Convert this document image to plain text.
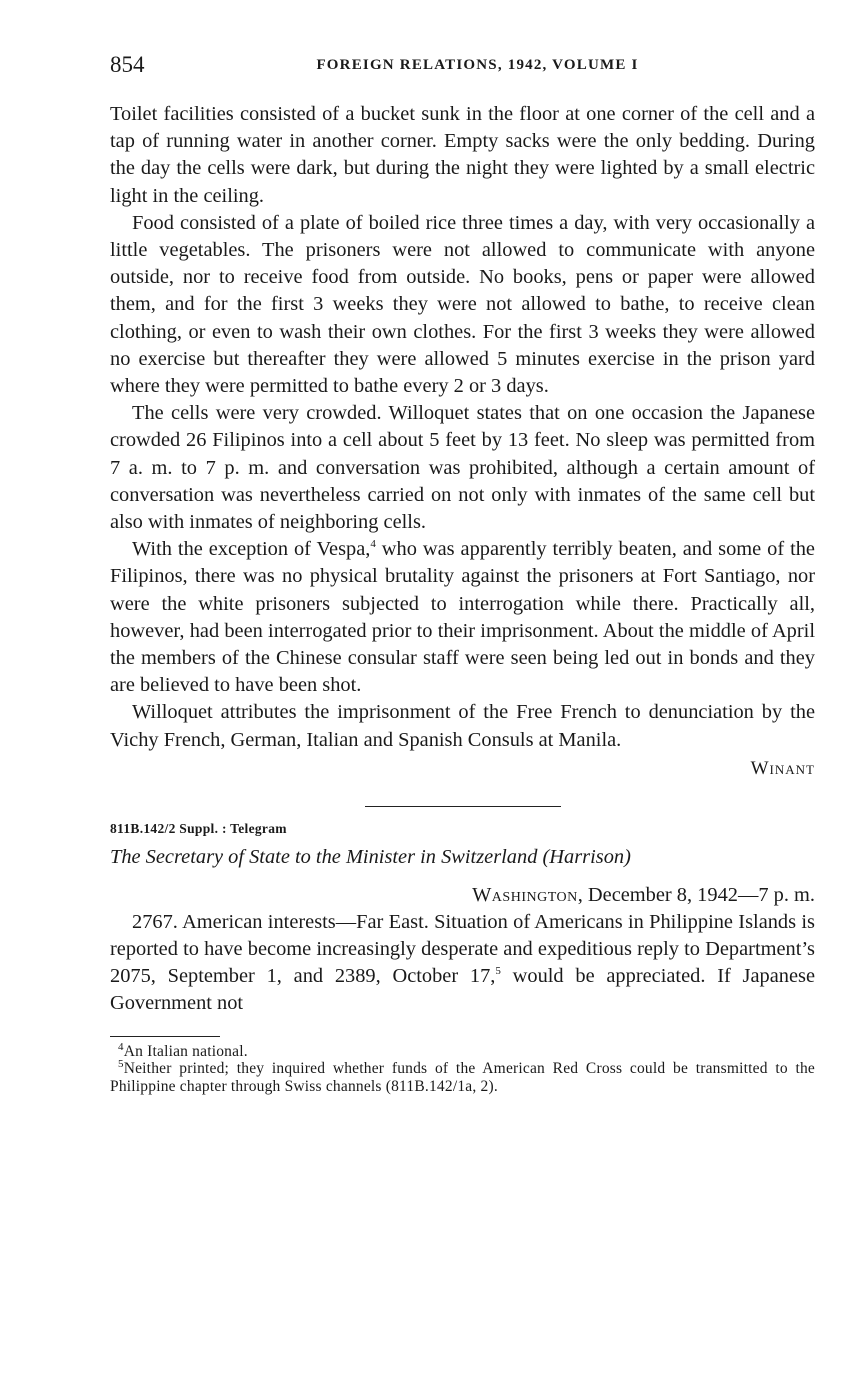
854	FOREIGN RELATIONS, 1942, VOLUME I

Toilet facilities consisted of a bucket sunk in the floor at one corner of the cell and a tap of running water in another corner. Empty sacks were the only bedding. During the day the cells were dark, but during the night they were lighted by a small electric light in the ceiling.

Food consisted of a plate of boiled rice three times a day, with very occasionally a little vegetables. The prisoners were not allowed to communicate with anyone outside, nor to receive food from outside. No books, pens or paper were allowed them, and for the first 3 weeks they were not allowed to bathe, to receive clean clothing, or even to wash their own clothes. For the first 3 weeks they were allowed no exercise but thereafter they were allowed 5 minutes exercise in the prison yard where they were permitted to bathe every 2 or 3 days.

The cells were very crowded. Willoquet states that on one occasion the Japanese crowded 26 Filipinos into a cell about 5 feet by 13 feet. No sleep was permitted from 7 a. m. to 7 p. m. and conversation was prohibited, although a certain amount of conversation was nevertheless carried on not only with inmates of the same cell but also with inmates of neighboring cells.

With the exception of Vespa,$^4$ who was apparently terribly beaten, and some of the Filipinos, there was no physical brutality against the prisoners at Fort Santiago, nor were the white prisoners subjected to interrogation while there. Practically all, however, had been interrogated prior to their imprisonment. About the middle of April the members of the Chinese consular staff were seen being led out in bonds and they are believed to have been shot.

Willoquet attributes the imprisonment of the Free French to denunciation by the Vichy French, German, Italian and Spanish Consuls at Manila.

Winant
811B.142/2 Suppl. : Telegram
The Secretary of State to the Minister in Switzerland (Harrison)
Washington, December 8, 1942—7 p. m.

2767. American interests—Far East. Situation of Americans in Philippine Islands is reported to have become increasingly desperate and expeditious reply to Department’s 2075, September 1, and 2389, October 17,$^5$ would be appreciated. If Japanese Government not

$^4$An Italian national.
$^5$Neither printed; they inquired whether funds of the American Red Cross could be transmitted to the Philippine chapter through Swiss channels (811B.142/1a, 2).
